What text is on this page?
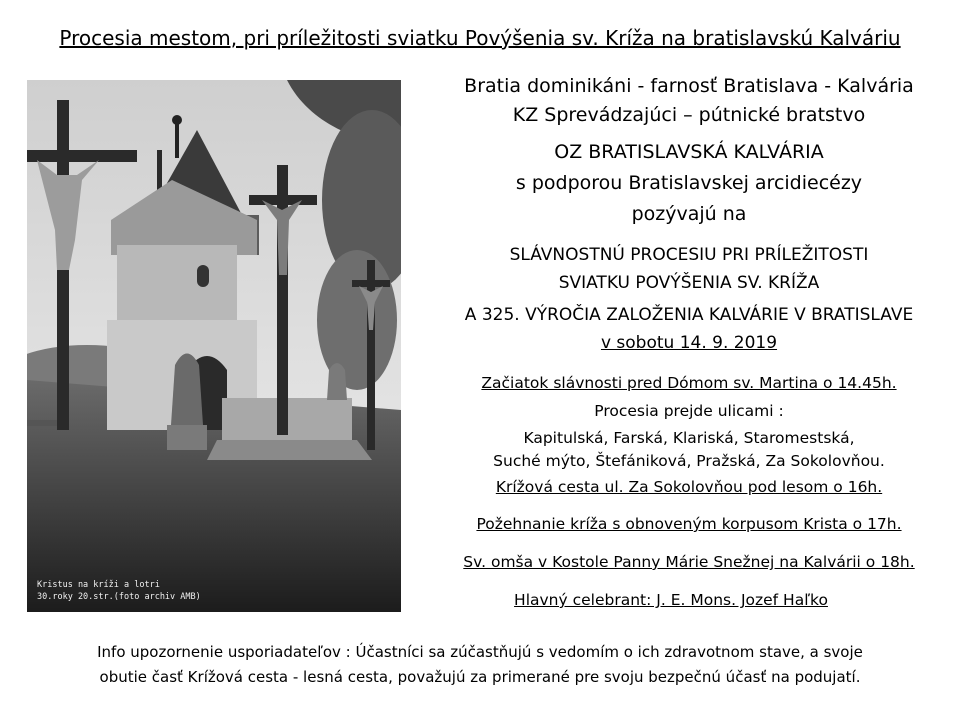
Procesia mestom, pri príležitosti sviatku Povýšenia sv. Kríža na bratislavskú Kalváriu
Kristus na kríži a lotri
30.roky 20.str.(foto archiv AMB)
Bratia dominikáni - farnosť Bratislava - Kalvária
KZ Sprevádzajúci – pútnické bratstvo
OZ BRATISLAVSKÁ KALVÁRIA
s podporou Bratislavskej arcidiecézy
pozývajú na
SLÁVNOSTNÚ PROCESIU PRI PRÍLEŽITOSTI
SVIATKU POVÝŠENIA SV. KRÍŽA
A 325. VÝROČIA ZALOŽENIA KALVÁRIE V BRATISLAVE
v sobotu 14. 9. 2019
Začiatok slávnosti pred Dómom sv. Martina o 14.45h.
Procesia prejde ulicami :
Kapitulská, Farská, Klariská, Staromestská,
Suché mýto, Štefániková, Pražská, Za Sokolovňou.
Krížová cesta ul. Za Sokolovňou pod lesom o 16h.
Požehnanie kríža s obnoveným korpusom Krista o 17h.
Sv. omša v Kostole Panny Márie Snežnej na Kalvárii o 18h.
Hlavný celebrant: J. E. Mons. Jozef Haľko
Info upozornenie usporiadateľov : Účastníci sa zúčastňujú s vedomím o ich zdravotnom stave, a svoje
obutie časť Krížová cesta - lesná cesta, považujú za primerané pre svoju bezpečnú účasť na podujatí.
